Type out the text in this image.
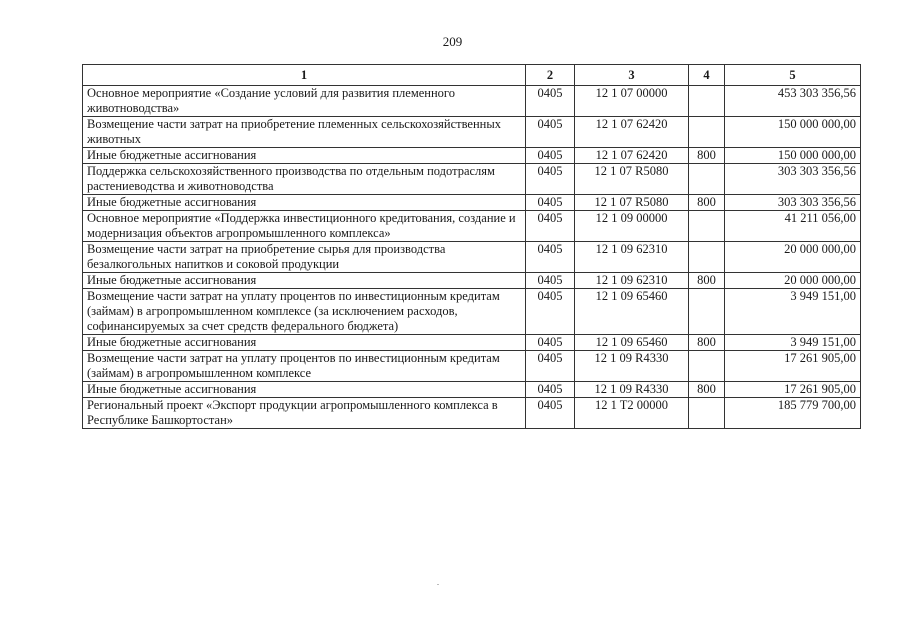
209
1	2	3	4	5
Основное мероприятие «Создание условий для развития племенного животноводства»	0405	12 1 07 00000		453 303 356,56
Возмещение части затрат на приобретение племенных сельскохозяйственных животных	0405	12 1 07 62420		150 000 000,00
Иные бюджетные ассигнования	0405	12 1 07 62420	800	150 000 000,00
Поддержка сельскохозяйственного производства по отдельным подотраслям растениеводства и животноводства	0405	12 1 07 R5080		303 303 356,56
Иные бюджетные ассигнования	0405	12 1 07 R5080	800	303 303 356,56
Основное мероприятие «Поддержка инвестиционного кредитования, создание и модернизация объектов агропромышленного комплекса»	0405	12 1 09 00000		41 211 056,00
Возмещение части затрат на приобретение сырья для производства безалкогольных напитков и соковой продукции	0405	12 1 09 62310		20 000 000,00
Иные бюджетные ассигнования	0405	12 1 09 62310	800	20 000 000,00
Возмещение части затрат на уплату процентов по инвестиционным кредитам (займам) в агропромышленном комплексе (за исключением расходов, софинансируемых за счет средств федерального бюджета)	0405	12 1 09 65460		3 949 151,00
Иные бюджетные ассигнования	0405	12 1 09 65460	800	3 949 151,00
Возмещение части затрат на уплату процентов по инвестиционным кредитам (займам) в агропромышленном комплексе	0405	12 1 09 R4330		17 261 905,00
Иные бюджетные ассигнования	0405	12 1 09 R4330	800	17 261 905,00
Региональный проект «Экспорт продукции агропромышленного комплекса в Республике Башкортостан»	0405	12 1 T2 00000		185 779 700,00
